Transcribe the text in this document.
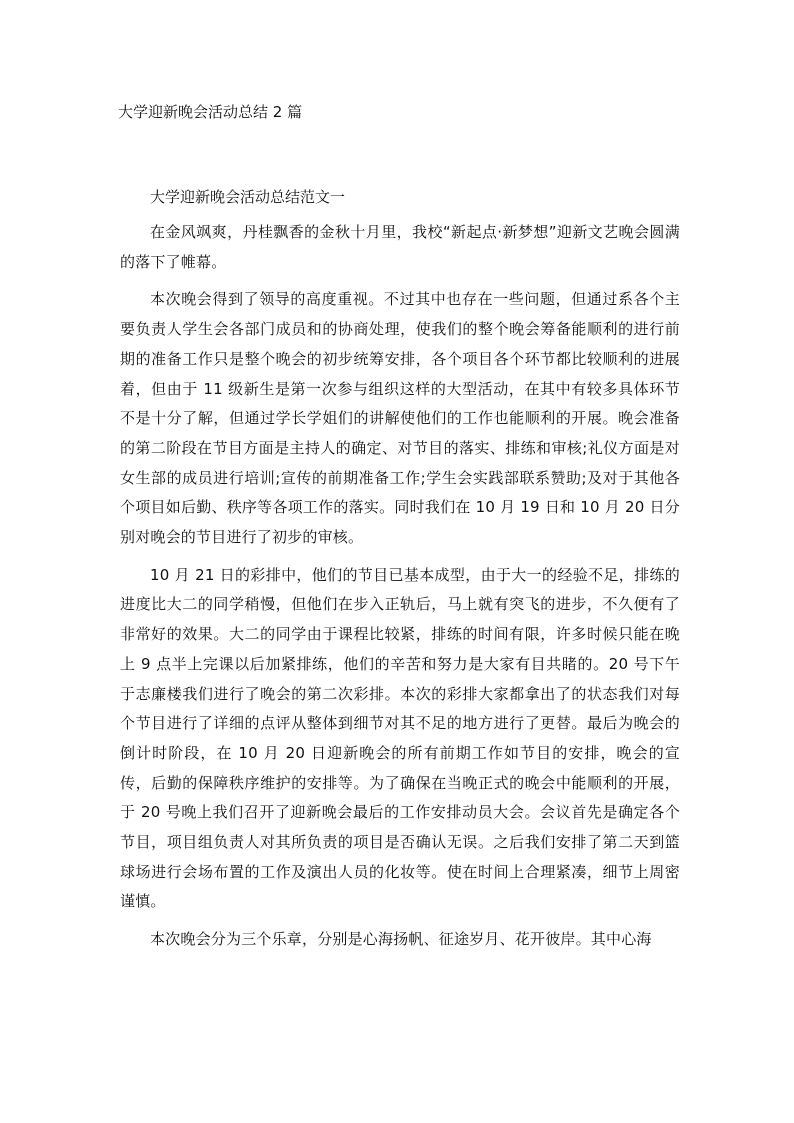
大学迎新晚会活动总结 2 篇
大学迎新晚会活动总结范文一

在金风飒爽，丹桂飘香的金秋十月里，我校“新起点·新梦想”迎新文艺晚会圆满的落下了帷幕。

本次晚会得到了领导的高度重视。不过其中也存在一些问题，但通过系各个主要负责人学生会各部门成员和的协商处理，使我们的整个晚会筹备能顺利的进行前期的准备工作只是整个晚会的初步统筹安排，各个项目各个环节都比较顺利的进展着，但由于 11 级新生是第一次参与组织这样的大型活动，在其中有较多具体环节不是十分了解，但通过学长学姐们的讲解使他们的工作也能顺利的开展。晚会准备的第二阶段在节目方面是主持人的确定、对节目的落实、排练和审核;礼仪方面是对女生部的成员进行培训;宣传的前期准备工作;学生会实践部联系赞助;及对于其他各个项目如后勤、秩序等各项工作的落实。同时我们在 10 月 19 日和 10 月 20 日分别对晚会的节目进行了初步的审核。

10 月 21 日的彩排中，他们的节目已基本成型，由于大一的经验不足，排练的进度比大二的同学稍慢，但他们在步入正轨后，马上就有突飞的进步，不久便有了非常好的效果。大二的同学由于课程比较紧，排练的时间有限，许多时候只能在晚上 9 点半上完课以后加紧排练，他们的辛苦和努力是大家有目共睹的。20 号下午于志廉楼我们进行了晚会的第二次彩排。本次的彩排大家都拿出了的状态我们对每个节目进行了详细的点评从整体到细节对其不足的地方进行了更替。最后为晚会的倒计时阶段，在 10 月 20 日迎新晚会的所有前期工作如节目的安排，晚会的宣传，后勤的保障秩序维护的安排等。为了确保在当晚正式的晚会中能顺利的开展，于 20 号晚上我们召开了迎新晚会最后的工作安排动员大会。会议首先是确定各个节目，项目组负责人对其所负责的项目是否确认无误。之后我们安排了第二天到篮球场进行会场布置的工作及演出人员的化妆等。使在时间上合理紧凑，细节上周密谨慎。

本次晚会分为三个乐章，分别是心海扬帆、征途岁月、花开彼岸。其中心海
